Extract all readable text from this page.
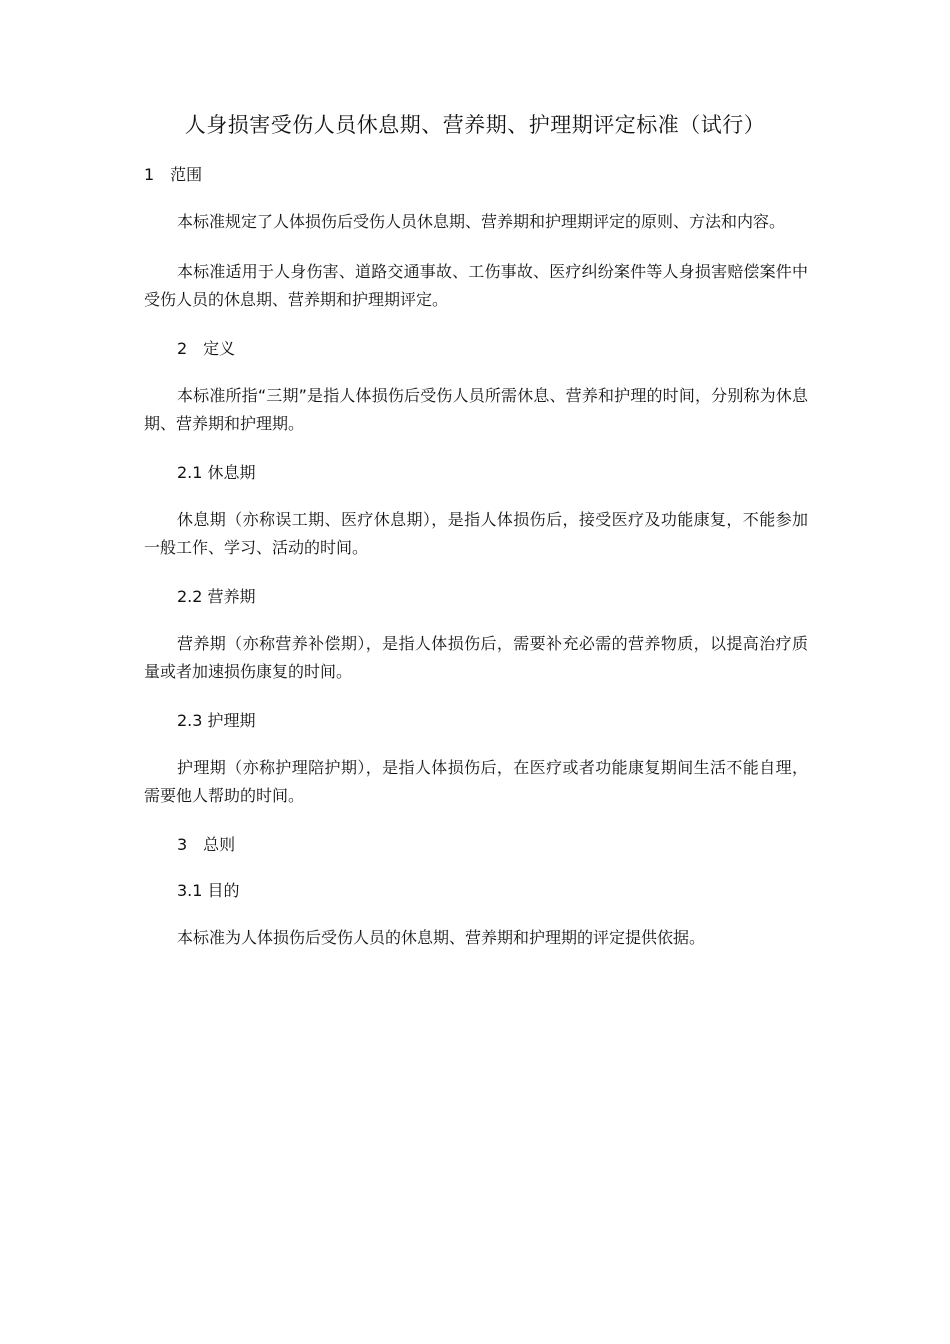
人身损害受伤人员休息期、营养期、护理期评定标准（试行）
1　范围

本标准规定了人体损伤后受伤人员休息期、营养期和护理期评定的原则、方法和内容。

本标准适用于人身伤害、道路交通事故、工伤事故、医疗纠纷案件等人身损害赔偿案件中受伤人员的休息期、营养期和护理期评定。

2　定义

本标准所指“三期”是指人体损伤后受伤人员所需休息、营养和护理的时间，分别称为休息期、营养期和护理期。

2.1 休息期

休息期（亦称误工期、医疗休息期），是指人体损伤后，接受医疗及功能康复，不能参加一般工作、学习、活动的时间。

2.2 营养期

营养期（亦称营养补偿期），是指人体损伤后，需要补充必需的营养物质，以提高治疗质量或者加速损伤康复的时间。

2.3 护理期

护理期（亦称护理陪护期），是指人体损伤后，在医疗或者功能康复期间生活不能自理，需要他人帮助的时间。

3　总则
3.1 目的

本标准为人体损伤后受伤人员的休息期、营养期和护理期的评定提供依据。
